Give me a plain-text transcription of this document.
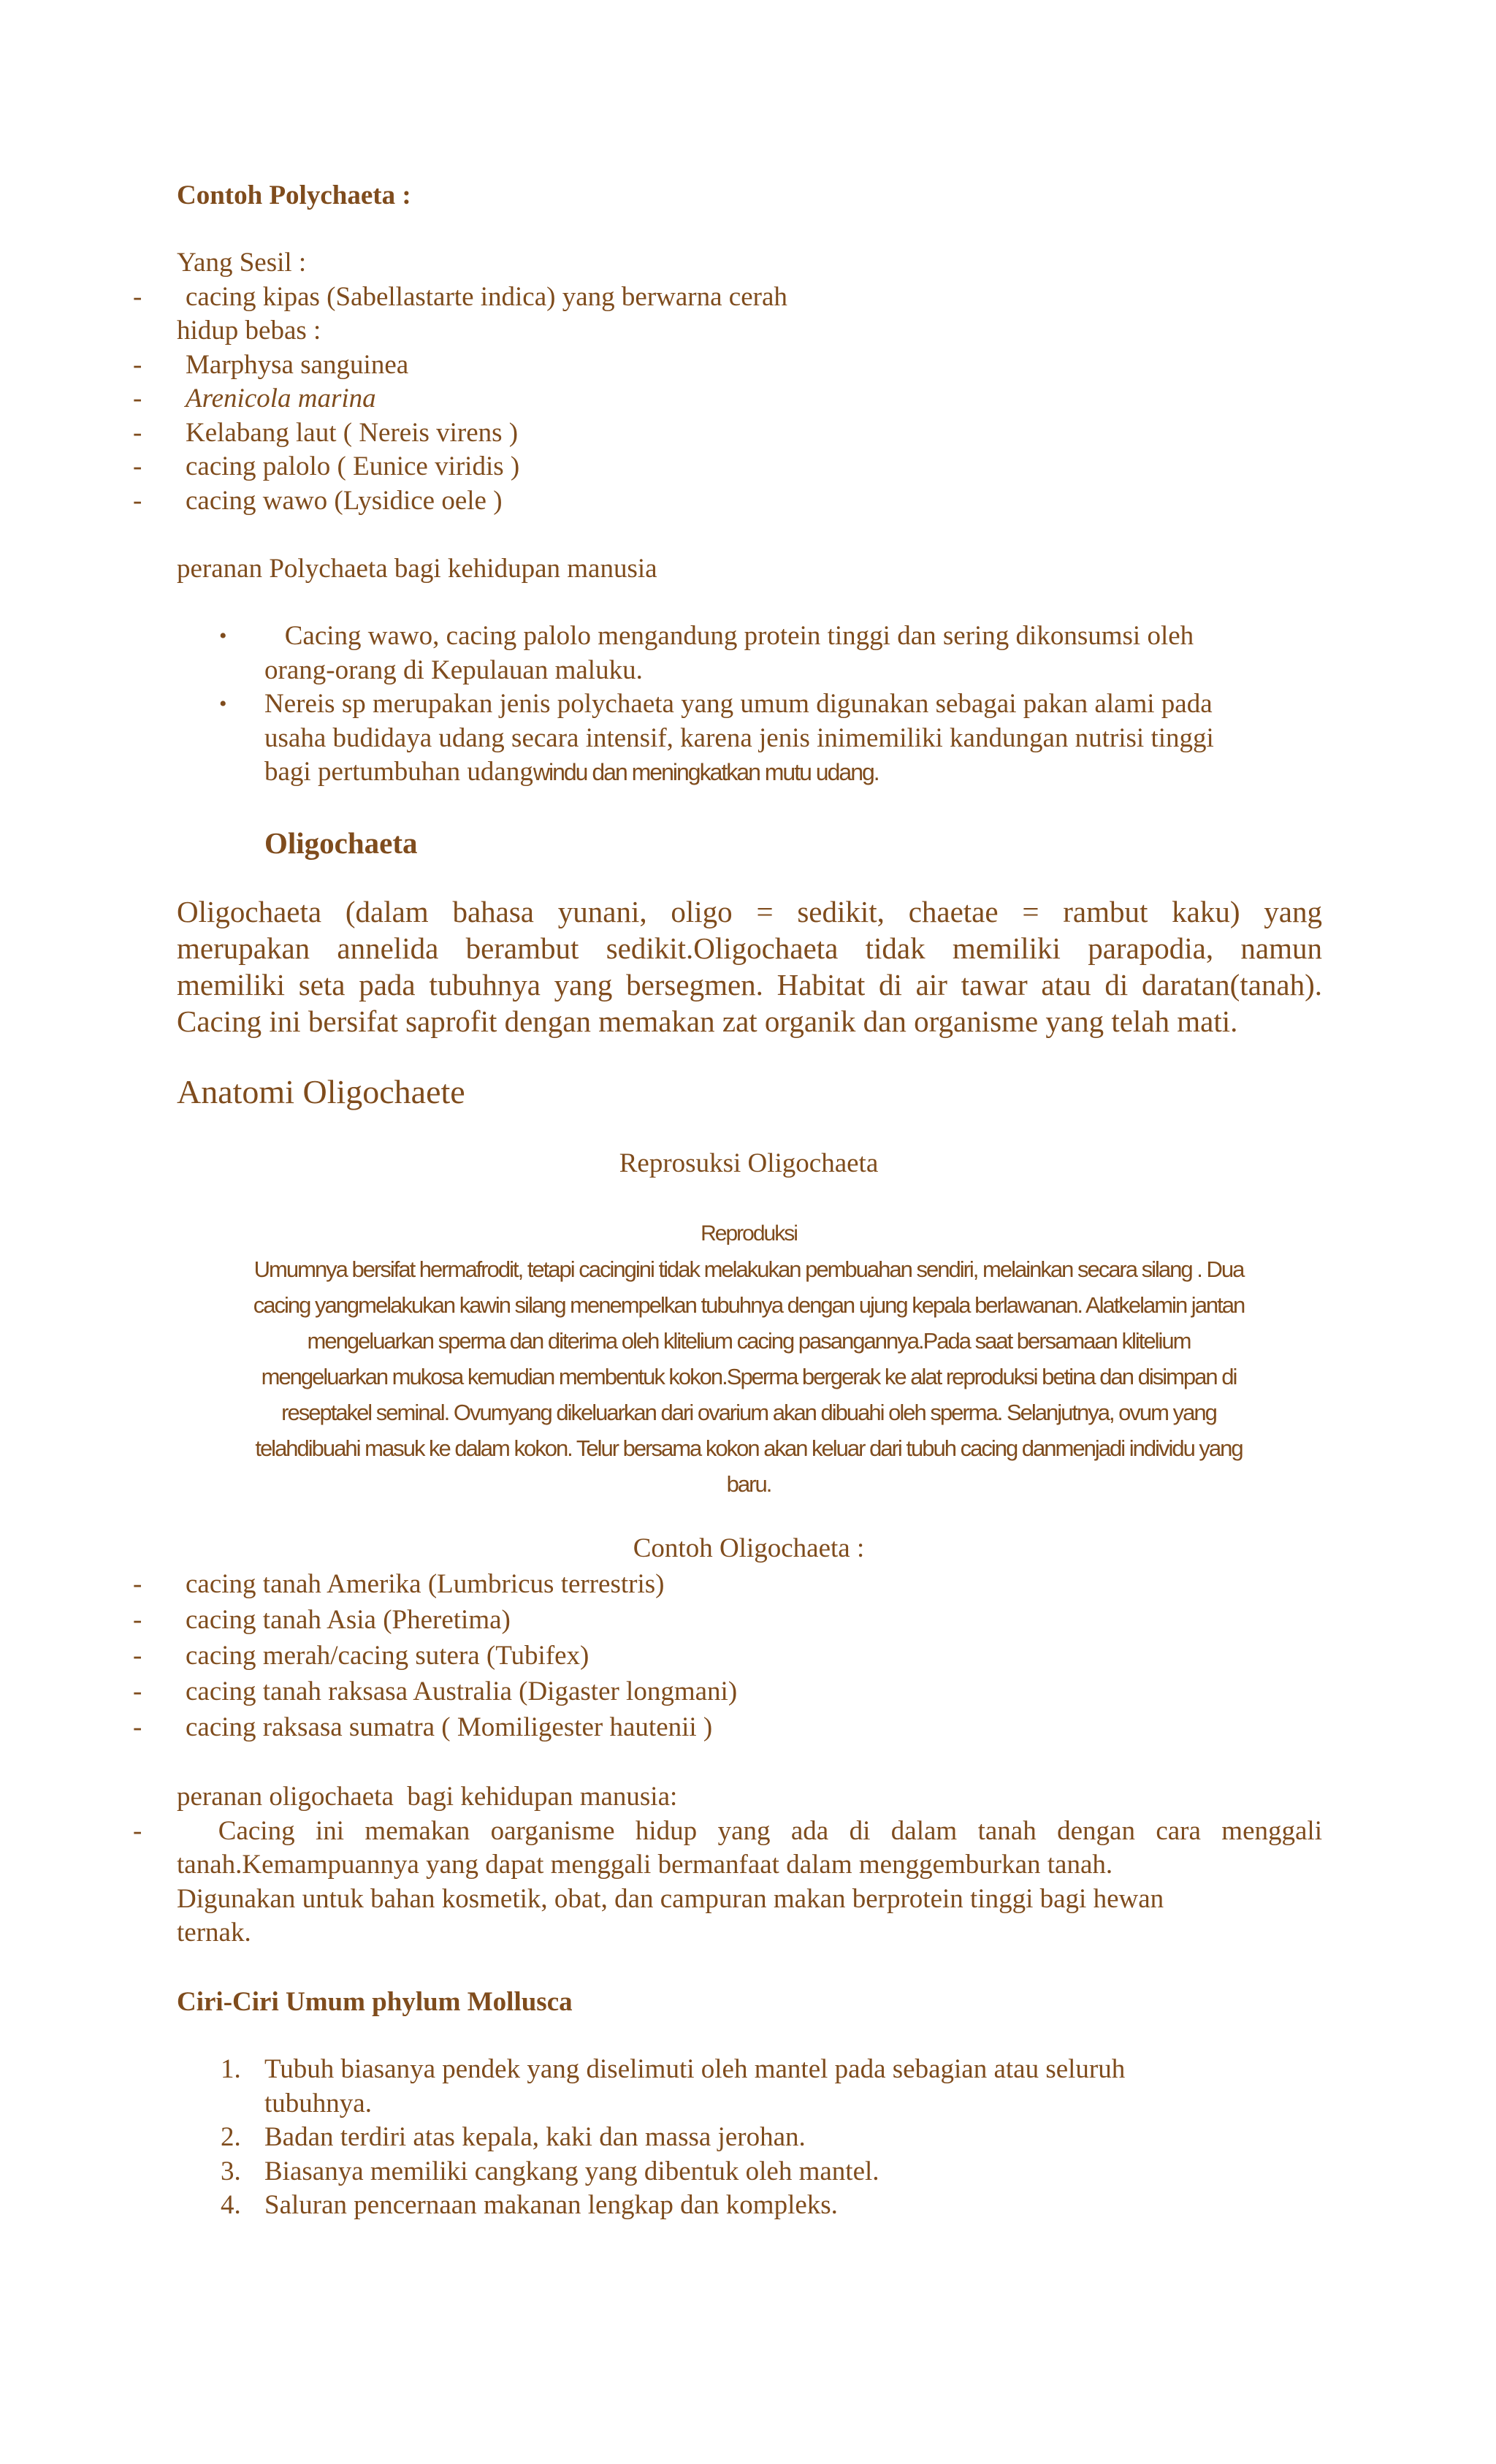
Contoh Polychaeta :
Yang Sesil :
- cacing kipas (Sabellastarte indica) yang berwarna cerah
hidup bebas :
- Marphysa sanguinea
- Arenicola marina
- Kelabang laut ( Nereis virens )
- cacing palolo ( Eunice viridis )
- cacing wawo (Lysidice oele )
peranan Polychaeta bagi kehidupan manusia
• Cacing wawo, cacing palolo mengandung protein tinggi dan sering dikonsumsi oleh
orang-orang di Kepulauan maluku.
• Nereis sp merupakan jenis polychaeta yang umum digunakan sebagai pakan alami pada
usaha budidaya udang secara intensif, karena jenis inimemiliki kandungan nutrisi tinggi
bagi pertumbuhan udangwindu dan meningkatkan mutu udang.
Oligochaeta
Oligochaeta (dalam bahasa yunani, oligo = sedikit, chaetae = rambut kaku) yang
merupakan annelida berambut sedikit.Oligochaeta tidak memiliki parapodia, namun
memiliki seta pada tubuhnya yang bersegmen. Habitat di air tawar atau di daratan(tanah).
Cacing ini bersifat saprofit dengan memakan zat organik dan organisme yang telah mati.
Anatomi Oligochaete
Reprosuksi Oligochaeta
Reproduksi
Umumnya bersifat hermafrodit, tetapi cacingini tidak melakukan pembuahan sendiri, melainkan secara silang . Dua
cacing yangmelakukan kawin silang menempelkan tubuhnya dengan ujung kepala berlawanan. Alatkelamin jantan
mengeluarkan sperma dan diterima oleh klitelium cacing pasangannya.Pada saat bersamaan klitelium
mengeluarkan mukosa kemudian membentuk kokon.Sperma bergerak ke alat reproduksi betina dan disimpan di
reseptakel seminal. Ovumyang dikeluarkan dari ovarium akan dibuahi oleh sperma. Selanjutnya, ovum yang
telahdibuahi masuk ke dalam kokon. Telur bersama kokon akan keluar dari tubuh cacing danmenjadi individu yang
baru.
Contoh Oligochaeta :
- cacing tanah Amerika (Lumbricus terrestris)
- cacing tanah Asia (Pheretima)
- cacing merah/cacing sutera (Tubifex)
- cacing tanah raksasa Australia (Digaster longmani)
- cacing raksasa sumatra ( Momiligester hautenii )
peranan oligochaeta  bagi kehidupan manusia:
- Cacing ini memakan oarganisme hidup yang ada di dalam tanah dengan cara menggali
tanah.Kemampuannya yang dapat menggali bermanfaat dalam menggemburkan tanah.
Digunakan untuk bahan kosmetik, obat, dan campuran makan berprotein tinggi bagi hewan
ternak.
Ciri-Ciri Umum phylum Mollusca
1. Tubuh biasanya pendek yang diselimuti oleh mantel pada sebagian atau seluruh
tubuhnya.
2. Badan terdiri atas kepala, kaki dan massa jerohan.
3. Biasanya memiliki cangkang yang dibentuk oleh mantel.
4. Saluran pencernaan makanan lengkap dan kompleks.
